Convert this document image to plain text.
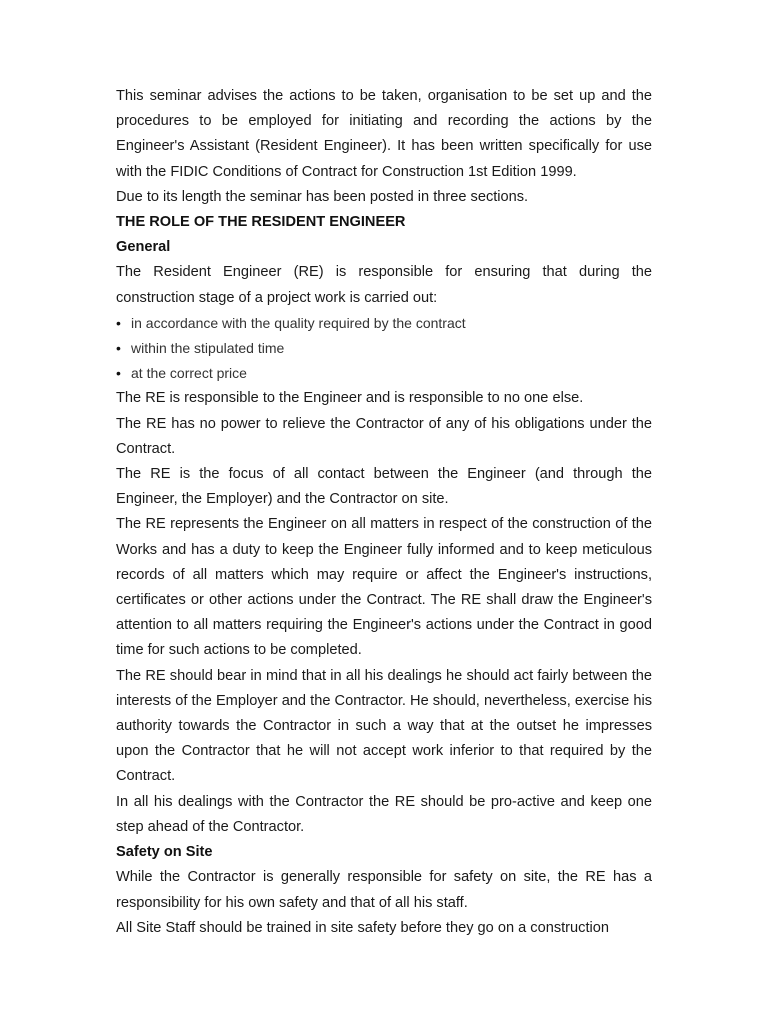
This seminar advises the actions to be taken, organisation to be set up and the procedures to be employed for initiating and recording the actions by the Engineer's Assistant (Resident Engineer). It has been written specifically for use with the FIDIC Conditions of Contract for Construction 1st Edition 1999.

Due to its length the seminar has been posted in three sections.

THE ROLE OF THE RESIDENT ENGINEER
General

The Resident Engineer (RE) is responsible for ensuring that during the construction stage of a project work is carried out:

• in accordance with the quality required by the contract
• within the stipulated time
• at the correct price

The RE is responsible to the Engineer and is responsible to no one else.

The RE has no power to relieve the Contractor of any of his obligations under the Contract.

The RE is the focus of all contact between the Engineer (and through the Engineer, the Employer) and the Contractor on site.

The RE represents the Engineer on all matters in respect of the construction of the Works and has a duty to keep the Engineer fully informed and to keep meticulous records of all matters which may require or affect the Engineer's instructions, certificates or other actions under the Contract. The RE shall draw the Engineer's attention to all matters requiring the Engineer's actions under the Contract in good time for such actions to be completed.

The RE should bear in mind that in all his dealings he should act fairly between the interests of the Employer and the Contractor. He should, nevertheless, exercise his authority towards the Contractor in such a way that at the outset he impresses upon the Contractor that he will not accept work inferior to that required by the Contract.

In all his dealings with the Contractor the RE should be pro-active and keep one step ahead of the Contractor.

Safety on Site

While the Contractor is generally responsible for safety on site, the RE has a responsibility for his own safety and that of all his staff.

All Site Staff should be trained in site safety before they go on a construction
